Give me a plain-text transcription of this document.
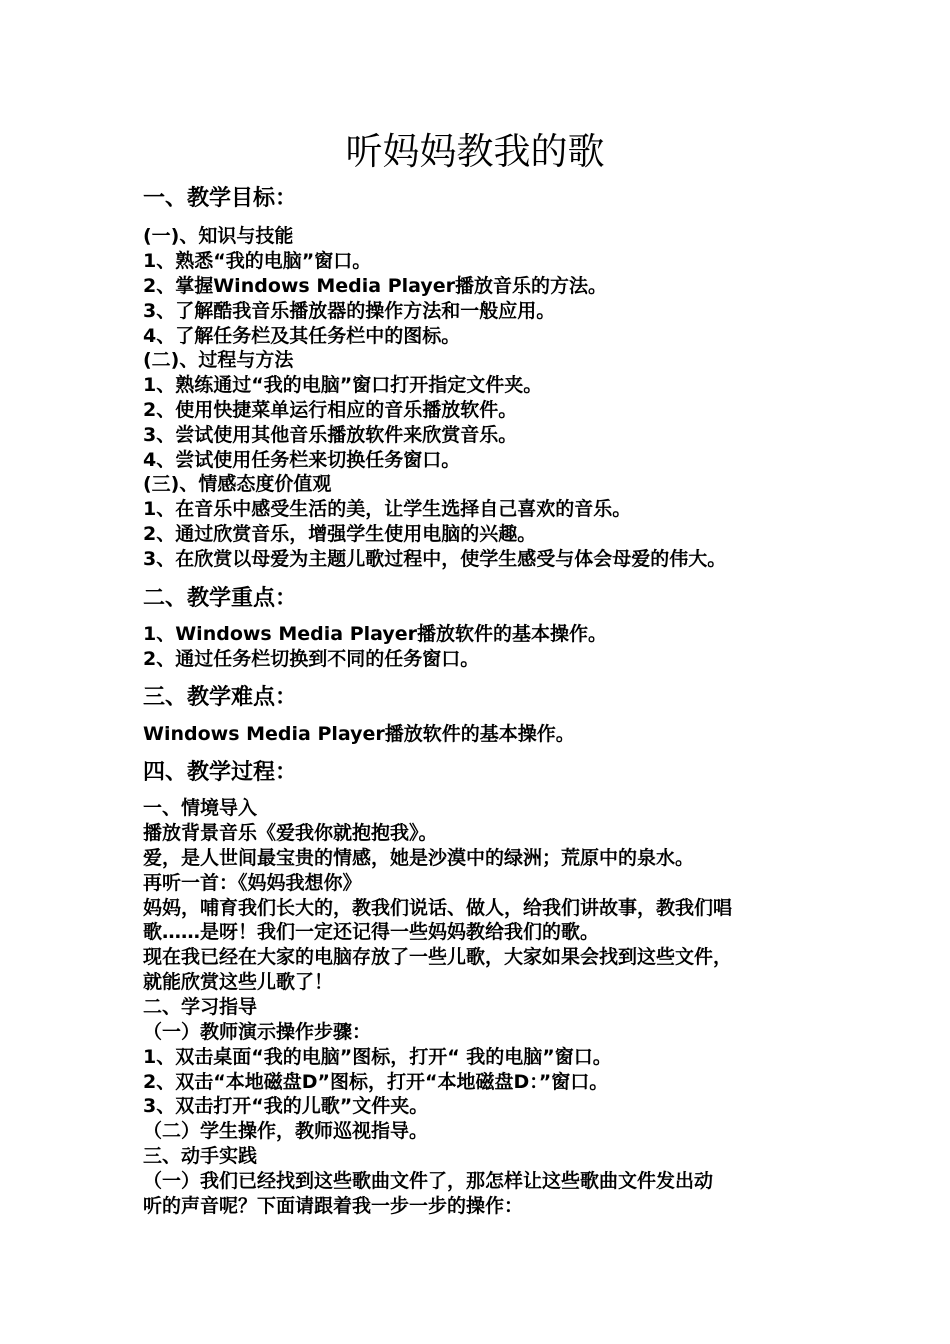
听妈妈教我的歌
一、教学目标：
(一)、知识与技能
1、熟悉“我的电脑”窗口。
2、掌握Windows Media Player播放音乐的方法。
3、了解酷我音乐播放器的操作方法和一般应用。
4、了解任务栏及其任务栏中的图标。
(二)、过程与方法
1、熟练通过“我的电脑”窗口打开指定文件夹。
2、使用快捷菜单运行相应的音乐播放软件。
3、尝试使用其他音乐播放软件来欣赏音乐。
4、尝试使用任务栏来切换任务窗口。
(三)、情感态度价值观
1、在音乐中感受生活的美，让学生选择自己喜欢的音乐。
2、通过欣赏音乐，增强学生使用电脑的兴趣。
3、在欣赏以母爱为主题儿歌过程中，使学生感受与体会母爱的伟大。
二、教学重点：
1、Windows Media Player播放软件的基本操作。
2、通过任务栏切换到不同的任务窗口。
三、教学难点：
Windows Media Player播放软件的基本操作。
四、教学过程：
一、情境导入
播放背景音乐《爱我你就抱抱我》。
爱，是人世间最宝贵的情感，她是沙漠中的绿洲；荒原中的泉水。
再听一首：《妈妈我想你》
妈妈，哺育我们长大的，教我们说话、做人，给我们讲故事，教我们唱
歌……是呀！我们一定还记得一些妈妈教给我们的歌。
现在我已经在大家的电脑存放了一些儿歌，大家如果会找到这些文件，
就能欣赏这些儿歌了！
二、学习指导
（一）教师演示操作步骤：
1、双击桌面“我的电脑”图标，打开“ 我的电脑”窗口。
2、双击“本地磁盘D”图标，打开“本地磁盘D：”窗口。
3、双击打开“我的儿歌”文件夹。
（二）学生操作，教师巡视指导。
三、动手实践
（一）我们已经找到这些歌曲文件了，那怎样让这些歌曲文件发出动
听的声音呢？下面请跟着我一步一步的操作：
